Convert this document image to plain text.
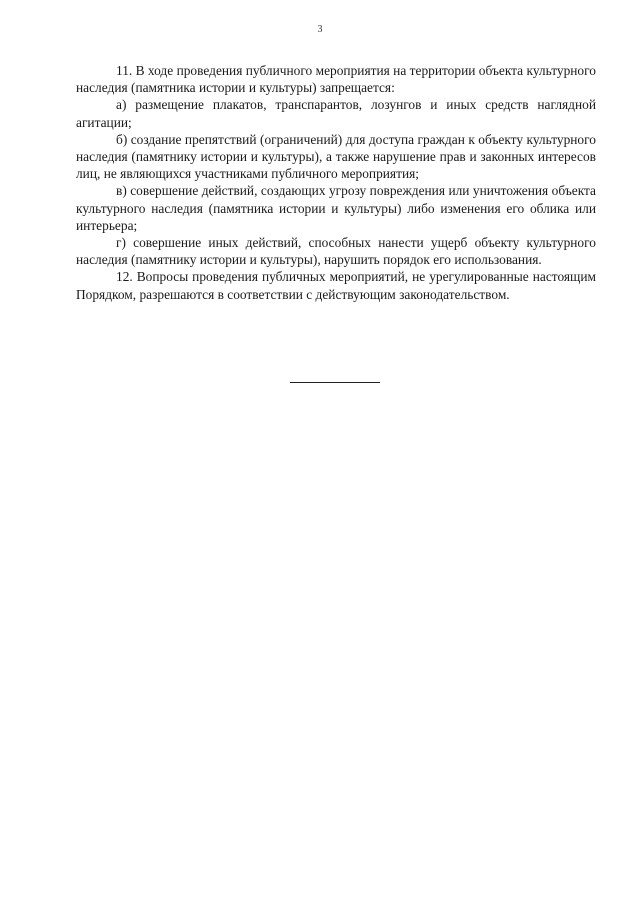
3

11. В ходе проведения публичного мероприятия на территории объекта культурного наследия (памятника истории и культуры) запрещается:

а) размещение плакатов, транспарантов, лозунгов и иных средств наглядной агитации;

б) создание препятствий (ограничений) для доступа граждан к объекту культурного наследия (памятнику истории и культуры), а также нарушение прав и законных интересов лиц, не являющихся участниками публичного мероприятия;

в) совершение действий, создающих угрозу повреждения или уничтожения объекта культурного наследия (памятника истории и культуры) либо изменения его облика или интерьера;

г) совершение иных действий, способных нанести ущерб объекту культурного наследия (памятнику истории и культуры), нарушить порядок его использования.

12. Вопросы проведения публичных мероприятий, не урегулированные настоящим Порядком, разрешаются в соответствии с действующим законодательством.
